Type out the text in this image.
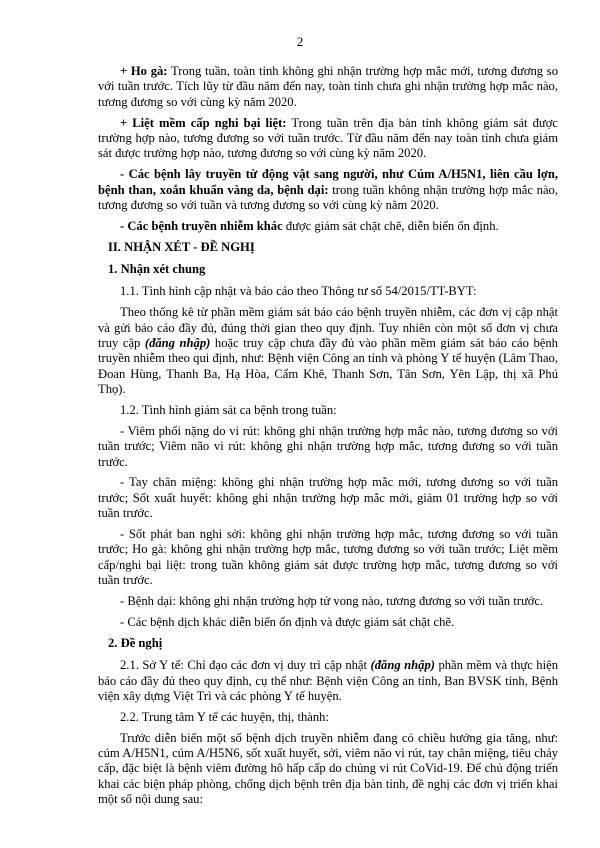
2

+ Ho gà: Trong tuần, toàn tỉnh không ghi nhận trường hợp mắc mới, tương đương so với tuần trước. Tích lũy từ đầu năm đến nay, toàn tỉnh chưa ghi nhận trường hợp mắc nào, tương đương so với cùng kỳ năm 2020.

+ Liệt mềm cấp nghi bại liệt: Trong tuần trên địa bàn tỉnh không giám sát được trường hợp nào, tương đương so với tuần trước. Từ đầu năm đến nay toàn tỉnh chưa giám sát được trường hợp nào, tương đương so với cùng kỳ năm 2020.

- Các bệnh lây truyền từ động vật sang người, như Cúm A/H5N1, liên cầu lợn, bệnh than, xoắn khuẩn vàng da, bệnh dại: trong tuần không nhận trường hợp mắc nào, tương đương so với tuần và tương đương so với cùng kỳ năm 2020.

- Các bệnh truyền nhiễm khác được giám sát chặt chẽ, diễn biến ổn định.

II. NHẬN XÉT - ĐỀ NGHỊ

1. Nhận xét chung

1.1. Tình hình cập nhật và báo cáo theo Thông tư số 54/2015/TT-BYT:

Theo thống kê từ phần mềm giám sát báo cáo bệnh truyền nhiễm, các đơn vị cập nhật và gửi báo cáo đầy đủ, đúng thời gian theo quy định. Tuy nhiên còn một số đơn vị chưa truy cập (đăng nhập) hoặc truy cập chưa đầy đủ vào phần mềm giám sát báo cáo bệnh truyền nhiễm theo qui định, như: Bệnh viện Công an tỉnh và phòng Y tế huyện (Lâm Thao, Đoan Hùng, Thanh Ba, Hạ Hòa, Cẩm Khê, Thanh Sơn, Tân Sơn, Yên Lập, thị xã Phú Thọ).

1.2. Tình hình giám sát ca bệnh trong tuần:

- Viêm phổi nặng do vi rút: không ghi nhận trường hợp mắc nào, tương đương so với tuần trước; Viêm não vi rút: không ghi nhận trường hợp mắc, tương đương so với tuần trước.

- Tay chân miệng: không ghi nhận trường hợp mắc mới, tương đương so với tuần trước; Sốt xuất huyết: không ghi nhận trường hợp mắc mới, giảm 01 trường hợp so với tuần trước.

- Sốt phát ban nghi sởi: không ghi nhận trường hợp mắc, tương đương so với tuần trước; Ho gà: không ghi nhận trường hợp mắc, tương đương so với tuần trước; Liệt mềm cấp/nghi bại liệt: trong tuần không giám sát được trường hợp mắc, tương đương so với tuần trước.

- Bệnh dại: không ghi nhận trường hợp tử vong nào, tương đương so với tuần trước.

- Các bệnh dịch khác diễn biến ổn định và được giám sát chặt chẽ.

2. Đề nghị

2.1. Sở Y tế: Chỉ đạo các đơn vị duy trì cập nhật (đăng nhập) phần mềm và thực hiện báo cáo đầy đủ theo quy định, cụ thể như: Bệnh viện Công an tỉnh, Ban BVSK tỉnh, Bệnh viện xây dựng Việt Trì và các phòng Y tế huyện.

2.2. Trung tâm Y tế các huyện, thị, thành:

Trước diễn biến một số bệnh dịch truyền nhiễm đang có chiều hướng gia tăng, như: cúm A/H5N1, cúm A/H5N6, sốt xuất huyết, sởi, viêm não vi rút, tay chân miệng, tiêu chảy cấp, đặc biệt là bệnh viêm đường hô hấp cấp do chủng vi rút CoVid-19. Để chủ động triển khai các biện pháp phòng, chống dịch bệnh trên địa bàn tỉnh, đề nghị các đơn vị triển khai một số nội dung sau:
